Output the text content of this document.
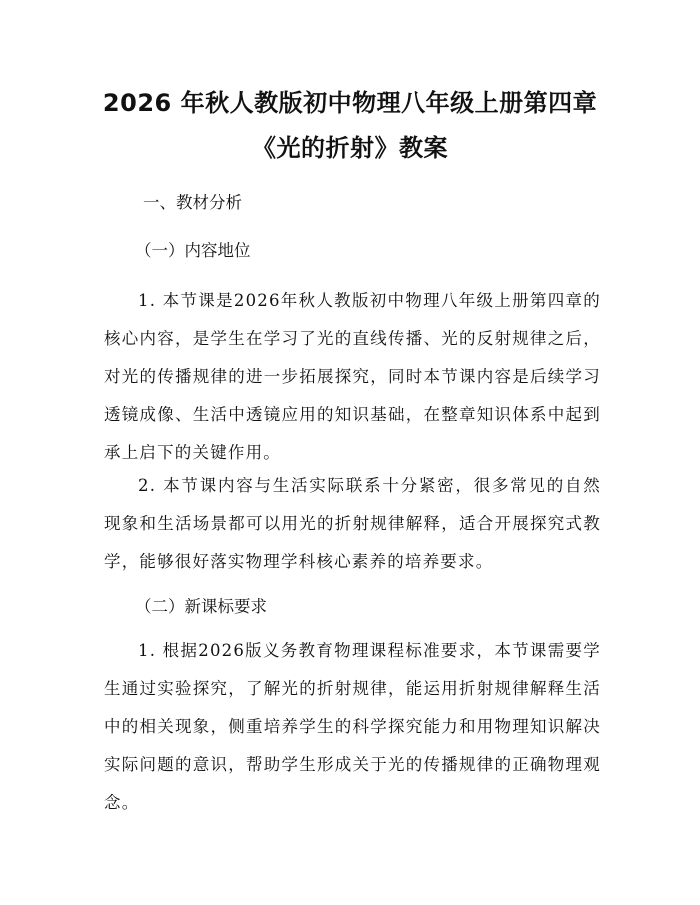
2026 年秋人教版初中物理八年级上册第四章
《光的折射》教案
一、教材分析
（一）内容地位
1. 本节课是2026年秋人教版初中物理八年级上册第四章的核心内容，是学生在学习了光的直线传播、光的反射规律之后，对光的传播规律的进一步拓展探究，同时本节课内容是后续学习透镜成像、生活中透镜应用的知识基础，在整章知识体系中起到承上启下的关键作用。
2. 本节课内容与生活实际联系十分紧密，很多常见的自然现象和生活场景都可以用光的折射规律解释，适合开展探究式教学，能够很好落实物理学科核心素养的培养要求。
（二）新课标要求
1. 根据2026版义务教育物理课程标准要求，本节课需要学生通过实验探究，了解光的折射规律，能运用折射规律解释生活中的相关现象，侧重培养学生的科学探究能力和用物理知识解决实际问题的意识，帮助学生形成关于光的传播规律的正确物理观念。
